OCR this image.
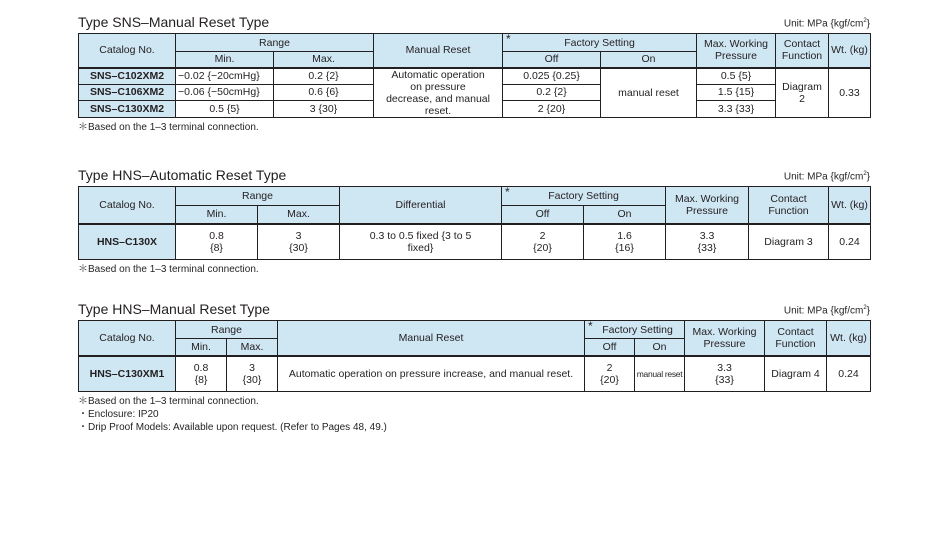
Type SNS–Manual Reset Type	Unit: MPa $\{kgf/cm^2\}$
Catalog No.	Range		Manual Reset	* Factory Setting		Max. Working Pressure	Contact Function	Wt. (kg)
	Min.	Max.		Off	On			
SNS–C102XM2	−0.02 {−20cmHg}	0.2 {2}	Automatic operation on pressure decrease, and manual reset.	0.025 {0.25}	manual reset	0.5 {5}	Diagram 2	0.33
SNS–C106XM2	−0.06 {−50cmHg}	0.6 {6}		0.2 {2}		1.5 {15}		
SNS–C130XM2	0.5 {5}	3 {30}		2 {20}		3.3 {33}		
＊Based on the 1–3 terminal connection.
Type HNS–Automatic Reset Type	Unit: MPa $\{kgf/cm^2\}$
Catalog No.	Range		Differential	* Factory Setting		Max. Working Pressure	Contact Function	Wt. (kg)
	Min.	Max.		Off	On			
HNS–C130X	0.8 {8}	3 {30}	0.3 to 0.5 fixed {3 to 5 fixed}	2 {20}	1.6 {16}	3.3 {33}	Diagram 3	0.24
＊Based on the 1–3 terminal connection.
Type HNS–Manual Reset Type	Unit: MPa $\{kgf/cm^2\}$
Catalog No.	Range		Manual Reset	* Factory Setting		Max. Working Pressure	Contact Function	Wt. (kg)
	Min.	Max.		Off	On			
HNS–C130XM1	0.8 {8}	3 {30}	Automatic operation on pressure increase, and manual reset.	2 {20}	manual reset	3.3 {33}	Diagram 4	0.24
＊Based on the 1–3 terminal connection.
・Enclosure: IP20
・Drip Proof Models: Available upon request. (Refer to Pages 48, 49.)
